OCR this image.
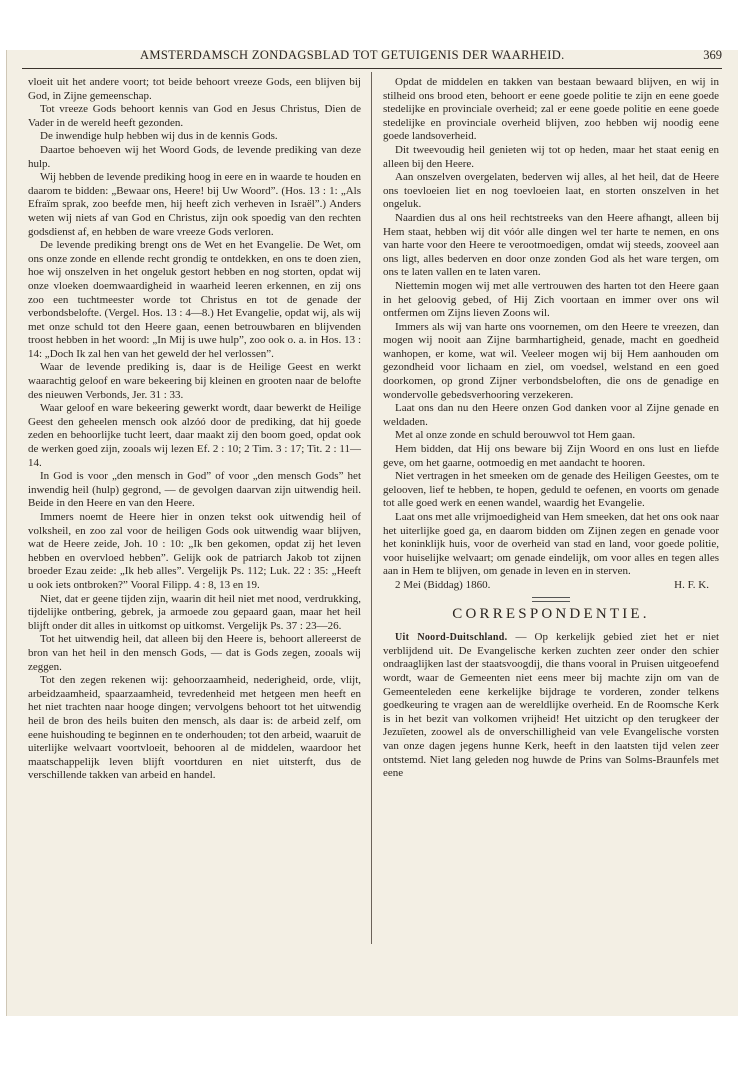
AMSTERDAMSCH ZONDAGSBLAD TOT GETUIGENIS DER WAARHEID.	369

vloeit uit het andere voort; tot beide behoort vreeze Gods, een blijven bij God, in Zijne gemeenschap.

Tot vreeze Gods behoort kennis van God en Jesus Christus, Dien de Vader in de wereld heeft gezonden.

De inwendige hulp hebben wij dus in de kennis Gods.

Daartoe behoeven wij het Woord Gods, de levende prediking van deze hulp.

Wij hebben de levende prediking hoog in eere en in waarde te houden en daarom te bidden: „Bewaar ons, Heere! bij Uw Woord”. (Hos. 13 : 1: „Als Efraïm sprak, zoo beefde men, hij heeft zich verheven in Israël”.) Anders weten wij niets af van God en Christus, zijn ook spoedig van den rechten godsdienst af, en hebben de ware vreeze Gods verloren.

De levende prediking brengt ons de Wet en het Evangelie. De Wet, om ons onze zonde en ellende recht grondig te ontdekken, en ons te doen zien, hoe wij onszelven in het ongeluk gestort hebben en nog storten, opdat wij onze vloeken doemwaardigheid in waarheid leeren erkennen, en zij ons zoo een tuchtmeester worde tot Christus en tot de genade der verbondsbelofte. (Vergel. Hos. 13 : 4—8.) Het Evangelie, opdat wij, als wij met onze schuld tot den Heere gaan, eenen betrouwbaren en blijvenden troost hebben in het woord: „In Mij is uwe hulp”, zoo ook o. a. in Hos. 13 : 14: „Doch Ik zal hen van het geweld der hel verlossen”.

Waar de levende prediking is, daar is de Heilige Geest en werkt waarachtig geloof en ware bekeering bij kleinen en grooten naar de belofte des nieuwen Verbonds, Jer. 31 : 33.

Waar geloof en ware bekeering gewerkt wordt, daar bewerkt de Heilige Geest den geheelen mensch ook alzóó door de prediking, dat hij goede zeden en behoorlijke tucht leert, daar maakt zij den boom goed, opdat ook de werken goed zijn, zooals wij lezen Ef. 2 : 10; 2 Tim. 3 : 17; Tit. 2 : 11—14.

In God is voor „den mensch in God” of voor „den mensch Gods” het inwendig heil (hulp) gegrond, — de gevolgen daarvan zijn uitwendig heil. Beide in den Heere en van den Heere.

Immers noemt de Heere hier in onzen tekst ook uitwendig heil of volksheil, en zoo zal voor de heiligen Gods ook uitwendig waar blijven, wat de Heere zeide, Joh. 10 : 10: „Ik ben gekomen, opdat zij het leven hebben en overvloed hebben”. Gelijk ook de patriarch Jakob tot zijnen broeder Ezau zeide: „Ik heb alles”. Vergelijk Ps. 112; Luk. 22 : 35: „Heeft u ook iets ontbroken?” Vooral Filipp. 4 : 8, 13 en 19.

Niet, dat er geene tijden zijn, waarin dit heil niet met nood, verdrukking, tijdelijke ontbering, gebrek, ja armoede zou gepaard gaan, maar het heil blijft onder dit alles in uitkomst op uitkomst. Vergelijk Ps. 37 : 23—26.

Tot het uitwendig heil, dat alleen bij den Heere is, behoort allereerst de bron van het heil in den mensch Gods, — dat is Gods zegen, zooals wij zeggen.

Tot den zegen rekenen wij: gehoorzaamheid, nederigheid, orde, vlijt, arbeidzaamheid, spaarzaamheid, tevredenheid met hetgeen men heeft en het niet trachten naar hooge dingen; vervolgens behoort tot het uitwendig heil de bron des heils buiten den mensch, als daar is: de arbeid zelf, om eene huishouding te beginnen en te onderhouden; tot den arbeid, waaruit de uiterlijke welvaart voortvloeit, behooren al de middelen, waardoor het maatschappelijk leven blijft voortduren en niet uitsterft, dus de verschillende takken van arbeid en handel.

Opdat de middelen en takken van bestaan bewaard blijven, en wij in stilheid ons brood eten, behoort er eene goede politie te zijn en eene goede stedelijke en provinciale overheid; zal er eene goede politie en eene goede stedelijke en provinciale overheid blijven, zoo hebben wij noodig eene goede landsoverheid.

Dit tweevoudig heil genieten wij tot op heden, maar het staat eenig en alleen bij den Heere.

Aan onszelven overgelaten, bederven wij alles, al het heil, dat de Heere ons toevloeien liet en nog toevloeien laat, en storten onszelven in het ongeluk.

Naardien dus al ons heil rechtstreeks van den Heere afhangt, alleen bij Hem staat, hebben wij dit vóór alle dingen wel ter harte te nemen, en ons van harte voor den Heere te verootmoedigen, omdat wij steeds, zooveel aan ons ligt, alles bederven en door onze zonden God als het ware tergen, om ons te laten vallen en te laten varen.

Niettemin mogen wij met alle vertrouwen des harten tot den Heere gaan in het geloovig gebed, of Hij Zich voortaan en immer over ons wil ontfermen om Zijns lieven Zoons wil.

Immers als wij van harte ons voornemen, om den Heere te vreezen, dan mogen wij nooit aan Zijne barmhartigheid, genade, macht en goedheid wanhopen, er kome, wat wil. Veeleer mogen wij bij Hem aanhouden om gezondheid voor lichaam en ziel, om voedsel, welstand en een goed doorkomen, op grond Zijner verbondsbeloften, die ons de genadige en wondervolle gebedsverhooring verzekeren.

Laat ons dan nu den Heere onzen God danken voor al Zijne genade en weldaden.

Met al onze zonde en schuld berouwvol tot Hem gaan.

Hem bidden, dat Hij ons beware bij Zijn Woord en ons lust en liefde geve, om het gaarne, ootmoedig en met aandacht te hooren.

Niet vertragen in het smeeken om de genade des Heiligen Geestes, om te gelooven, lief te hebben, te hopen, geduld te oefenen, en voorts om genade tot alle goed werk en eenen wandel, waardig het Evangelie.

Laat ons met alle vrijmoedigheid van Hem smeeken, dat het ons ook naar het uiterlijke goed ga, en daarom bidden om Zijnen zegen en genade voor het koninklijk huis, voor de overheid van stad en land, voor goede politie, voor huiselijke welvaart; om genade eindelijk, om voor alles en tegen alles aan in Hem te blijven, om genade in leven en in sterven.

2 Mei (Biddag) 1860.	H. F. K.

CORRESPONDENTIE.

Uit Noord-Duitschland. — Op kerkelijk gebied ziet het er niet verblijdend uit. De Evangelische kerken zuchten zeer onder den schier ondraaglijken last der staatsvoogdij, die thans vooral in Pruisen uitgeoefend wordt, waar de Gemeenten niet eens meer bij machte zijn om van de Gemeenteleden eene kerkelijke bijdrage te vorderen, zonder telkens goedkeuring te vragen aan de wereldlijke overheid. En de Roomsche Kerk is in het bezit van volkomen vrijheid! Het uitzicht op den terugkeer der Jezuïeten, zoowel als de onverschilligheid van vele Evangelische vorsten van onze dagen jegens hunne Kerk, heeft in den laatsten tijd velen zeer ontstemd. Niet lang geleden nog huwde de Prins van Solms-Braunfels met eene
